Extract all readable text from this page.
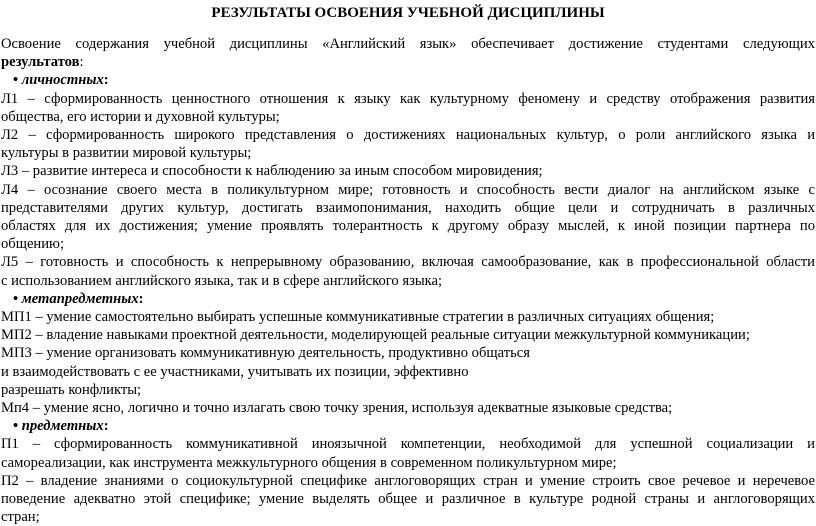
РЕЗУЛЬТАТЫ ОСВОЕНИЯ УЧЕБНОЙ ДИСЦИПЛИНЫ

Освоение содержания учебной дисциплины «Английский язык» обеспечивает достижение студентами следующих

результатов:

• личностных:

Л1 – сформированность ценностного отношения к языку как культурному феномену и средству отображения развития

общества, его истории и духовной культуры;

Л2 – сформированность широкого представления о достижениях национальных культур, о роли английского языка и

культуры в развитии мировой культуры;

Л3 – развитие интереса и способности к наблюдению за иным способом мировидения;

Л4 – осознание своего места в поликультурном мире; готовность и способность вести диалог на английском языке с

представителями других культур, достигать взаимопонимания, находить общие цели и сотрудничать в различных

областях для их достижения; умение проявлять толерантность к другому образу мыслей, к иной позиции партнера по

общению;

Л5 – готовность и способность к непрерывному образованию, включая самообразование, как в профессиональной области

с использованием английского языка, так и в сфере английского языка;

• метапредметных:

МП1 – умение самостоятельно выбирать успешные коммуникативные стратегии в различных ситуациях общения;

МП2 – владение навыками проектной деятельности, моделирующей реальные ситуации межкультурной коммуникации;

МП3 – умение организовать коммуникативную деятельность, продуктивно общаться

и взаимодействовать с ее участниками, учитывать их позиции, эффективно

разрешать конфликты;

Мп4 – умение ясно, логично и точно излагать свою точку зрения, используя адекватные языковые средства;

• предметных:

П1 – сформированность коммуникативной иноязычной компетенции, необходимой для успешной социализации и

самореализации, как инструмента межкультурного общения в современном поликультурном мире;

П2 – владение знаниями о социокультурной специфике англоговорящих стран и умение строить свое речевое и неречевое

поведение адекватно этой специфике; умение выделять общее и различное в культуре родной страны и англоговорящих

стран;
